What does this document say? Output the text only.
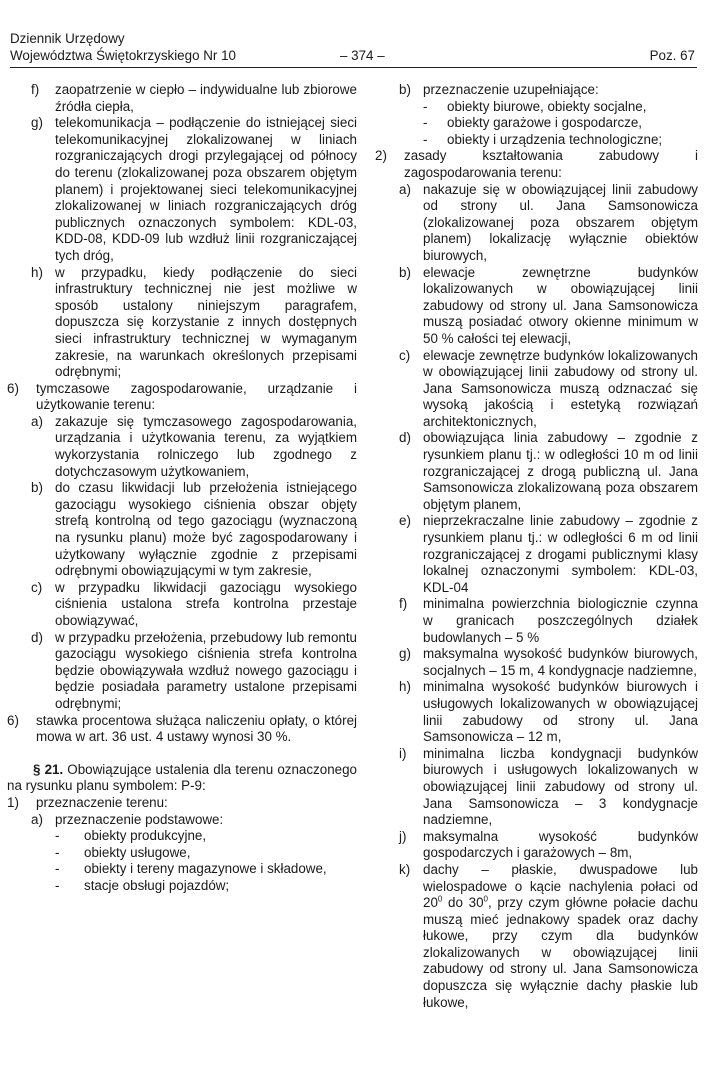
Dziennik Urzędowy
Województwa Świętokrzyskiego Nr 10	– 374 –	Poz. 67
f)	zaopatrzenie w ciepło – indywidualne lub zbiorowe źródła ciepła,
g) telekomunikacja – podłączenie do istniejącej sieci telekomunikacyjnej zlokalizowanej w liniach rozgraniczających drogi przylegającej od północy do terenu (zlokalizowanej poza obszarem objętym planem) i projektowanej sieci telekomunikacyjnej zlokalizowanej w liniach rozgraniczających dróg publicznych oznaczonych symbolem: KDL-03, KDD-08, KDD-09 lub wzdłuż linii rozgraniczającej tych dróg,
h) w przypadku, kiedy podłączenie do sieci infrastruktury technicznej nie jest możliwe w sposób ustalony niniejszym paragrafem, dopuszcza się korzystanie z innych dostępnych sieci infrastruktury technicznej w wymaganym zakresie, na warunkach określonych przepisami odrębnymi;
6)	tymczasowe zagospodarowanie, urządzanie i użytkowanie terenu:
a) zakazuje się tymczasowego zagospodarowania, urządzania i użytkowania terenu, za wyjątkiem wykorzystania rolniczego lub zgodnego z dotychczasowym użytkowaniem,
b) do czasu likwidacji lub przełożenia istniejącego gazociągu wysokiego ciśnienia obszar objęty strefą kontrolną od tego gazociągu (wyznaczoną na rysunku planu) może być zagospodarowany i użytkowany wyłącznie zgodnie z przepisami odrębnymi obowiązującymi w tym zakresie,
c) w przypadku likwidacji gazociągu wysokiego ciśnienia ustalona strefa kontrolna przestaje obowiązywać,
d) w przypadku przełożenia, przebudowy lub remontu gazociągu wysokiego ciśnienia strefa kontrolna będzie obowiązywała wzdłuż nowego gazociągu i będzie posiadała parametry ustalone przepisami odrębnymi;
6)	stawka procentowa służąca naliczeniu opłaty, o której mowa w art. 36 ust. 4 ustawy wynosi 30 %.
§ 21. Obowiązujące ustalenia dla terenu oznaczonego na rysunku planu symbolem: P-9:
1)	przeznaczenie terenu:
a) przeznaczenie podstawowe:
-	obiekty produkcyjne,
-	obiekty usługowe,
-	obiekty i tereny magazynowe i składowe,
-	stacje obsługi pojazdów;
b) przeznaczenie uzupełniające:
-	obiekty biurowe, obiekty socjalne,
-	obiekty garażowe i gospodarcze,
-	obiekty i urządzenia technologiczne;
2)	zasady kształtowania zabudowy i zagospodarowania terenu:
a) nakazuje się w obowiązującej linii zabudowy od strony ul. Jana Samsonowicza (zlokalizowanej poza obszarem objętym planem) lokalizację wyłącznie obiektów biurowych,
b) elewacje zewnętrzne budynków lokalizowanych w obowiązującej linii zabudowy od strony ul. Jana Samsonowicza muszą posiadać otwory okienne minimum w 50 % całości tej elewacji,
c) elewacje zewnętrze budynków lokalizowanych w obowiązującej linii zabudowy od strony ul. Jana Samsonowicza muszą odznaczać się wysoką jakością i estetyką rozwiązań architektonicznych,
d) obowiązująca linia zabudowy – zgodnie z rysunkiem planu tj.: w odległości 10 m od linii rozgraniczającej z drogą publiczną ul. Jana Samsonowicza zlokalizowaną poza obszarem objętym planem,
e) nieprzekraczalne linie zabudowy – zgodnie z rysunkiem planu tj.: w odległości 6 m od linii rozgraniczającej z drogami publicznymi klasy lokalnej oznaczonymi symbolem: KDL-03, KDL-04
f)	minimalna powierzchnia biologicznie czynna w granicach poszczególnych działek budowlanych – 5 %
g) maksymalna wysokość budynków biurowych, socjalnych – 15 m, 4 kondygnacje nadziemne,
h) minimalna wysokość budynków biurowych i usługowych lokalizowanych w obowiązującej linii zabudowy od strony ul. Jana Samsonowicza – 12 m,
i)	minimalna liczba kondygnacji budynków biurowych i usługowych lokalizowanych w obowiązującej linii zabudowy od strony ul. Jana Samsonowicza – 3 kondygnacje nadziemne,
j)	maksymalna wysokość budynków gospodarczych i garażowych – 8m,
k) dachy – płaskie, dwuspadowe lub wielospadowe o kącie nachylenia połaci od $20^0$ do $30^0$, przy czym główne połacie dachu muszą mieć jednakowy spadek oraz dachy łukowe, przy czym dla budynków zlokalizowanych w obowiązującej linii zabudowy od strony ul. Jana Samsonowicza dopuszcza się wyłącznie dachy płaskie lub łukowe,
